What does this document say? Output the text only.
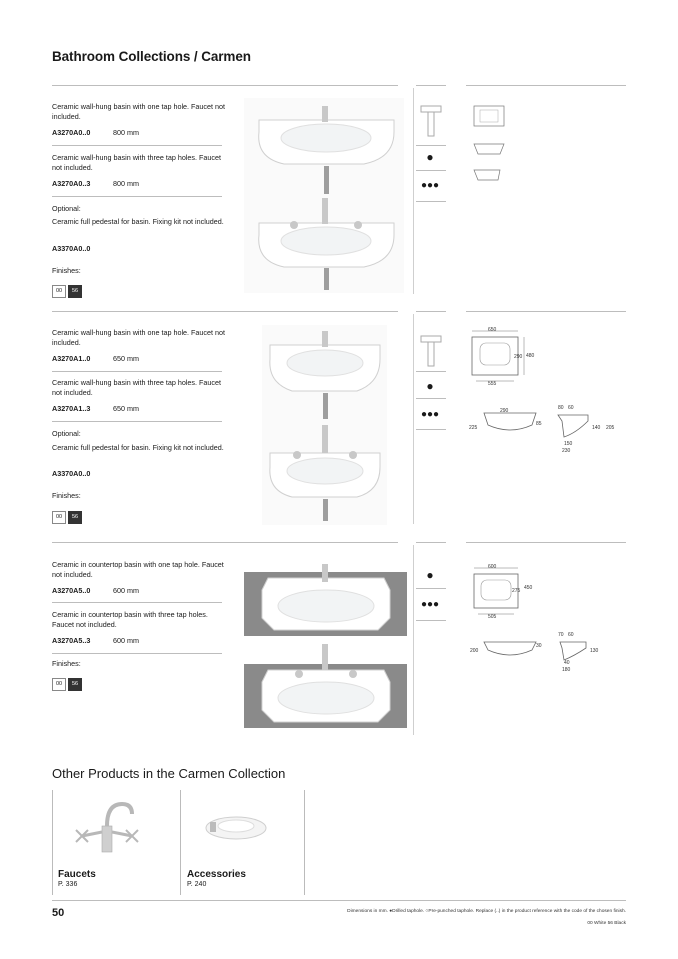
Bathroom Collections / Carmen
Ceramic wall-hung basin with one tap hole. Faucet not included.
A3270A0..0	800 mm
Ceramic wall-hung basin with three tap holes. Faucet not included.
A3270A0..3	800 mm
Optional:
Ceramic full pedestal for basin. Fixing kit not included.
A3370A0..0
Finishes:
00 56
●
●●●
Ceramic wall-hung basin with one tap hole. Faucet not included.
A3270A1..0	650 mm
Ceramic wall-hung basin with three tap holes. Faucet not included.
A3270A1..3	650 mm
Optional:
Ceramic full pedestal for basin. Fixing kit not included.
A3370A0..0
Finishes:
00 56
●
●●●
650
480
290
555
225
290
85
80 60
140 205
150
230
Ceramic in countertop basin with one tap hole. Faucet not included.
A3270A5..0	600 mm
Ceramic in countertop basin with three tap holes. Faucet not included.
A3270A5..3	600 mm
Finishes:
00 56
●
●●●
600
450
275
505
200
30
70 60
130
40
180
Other Products in the Carmen Collection
Faucets
P. 336
Accessories
P. 240
50	Dimensions in mm. ●Drilled taphole. ○Pre-punched taphole. Replace (..) in the product reference with the code of the chosen finish.
00 White 56 Black
